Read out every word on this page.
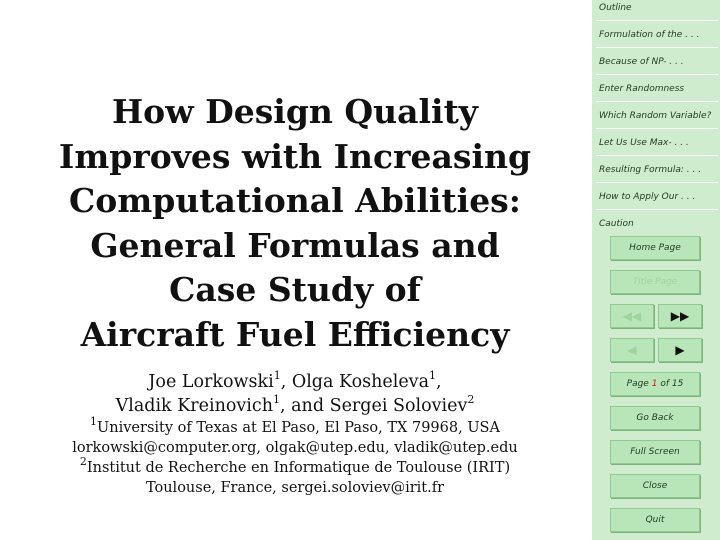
How Design Quality
Improves with Increasing
Computational Abilities:
General Formulas and
Case Study of
Aircraft Fuel Efficiency
Joe Lorkowski$^1$, Olga Kosheleva$^1$,
Vladik Kreinovich$^1$, and Sergei Soloviev$^2$
$^1$University of Texas at El Paso, El Paso, TX 79968, USA
lorkowski@computer.org, olgak@utep.edu, vladik@utep.edu
$^2$Institut de Recherche en Informatique de Toulouse (IRIT)
Toulouse, France, sergei.soloviev@irit.fr
Outline
Formulation of the . . .
Because of NP- . . .
Enter Randomness
Which Random Variable?
Let Us Use Max- . . .
Resulting Formula: . . .
How to Apply Our . . .
Caution
Home Page
Title Page
◀◀ ▶▶
◀	▶
Page
1
of
15
Go Back
Full Screen
Close
Quit
